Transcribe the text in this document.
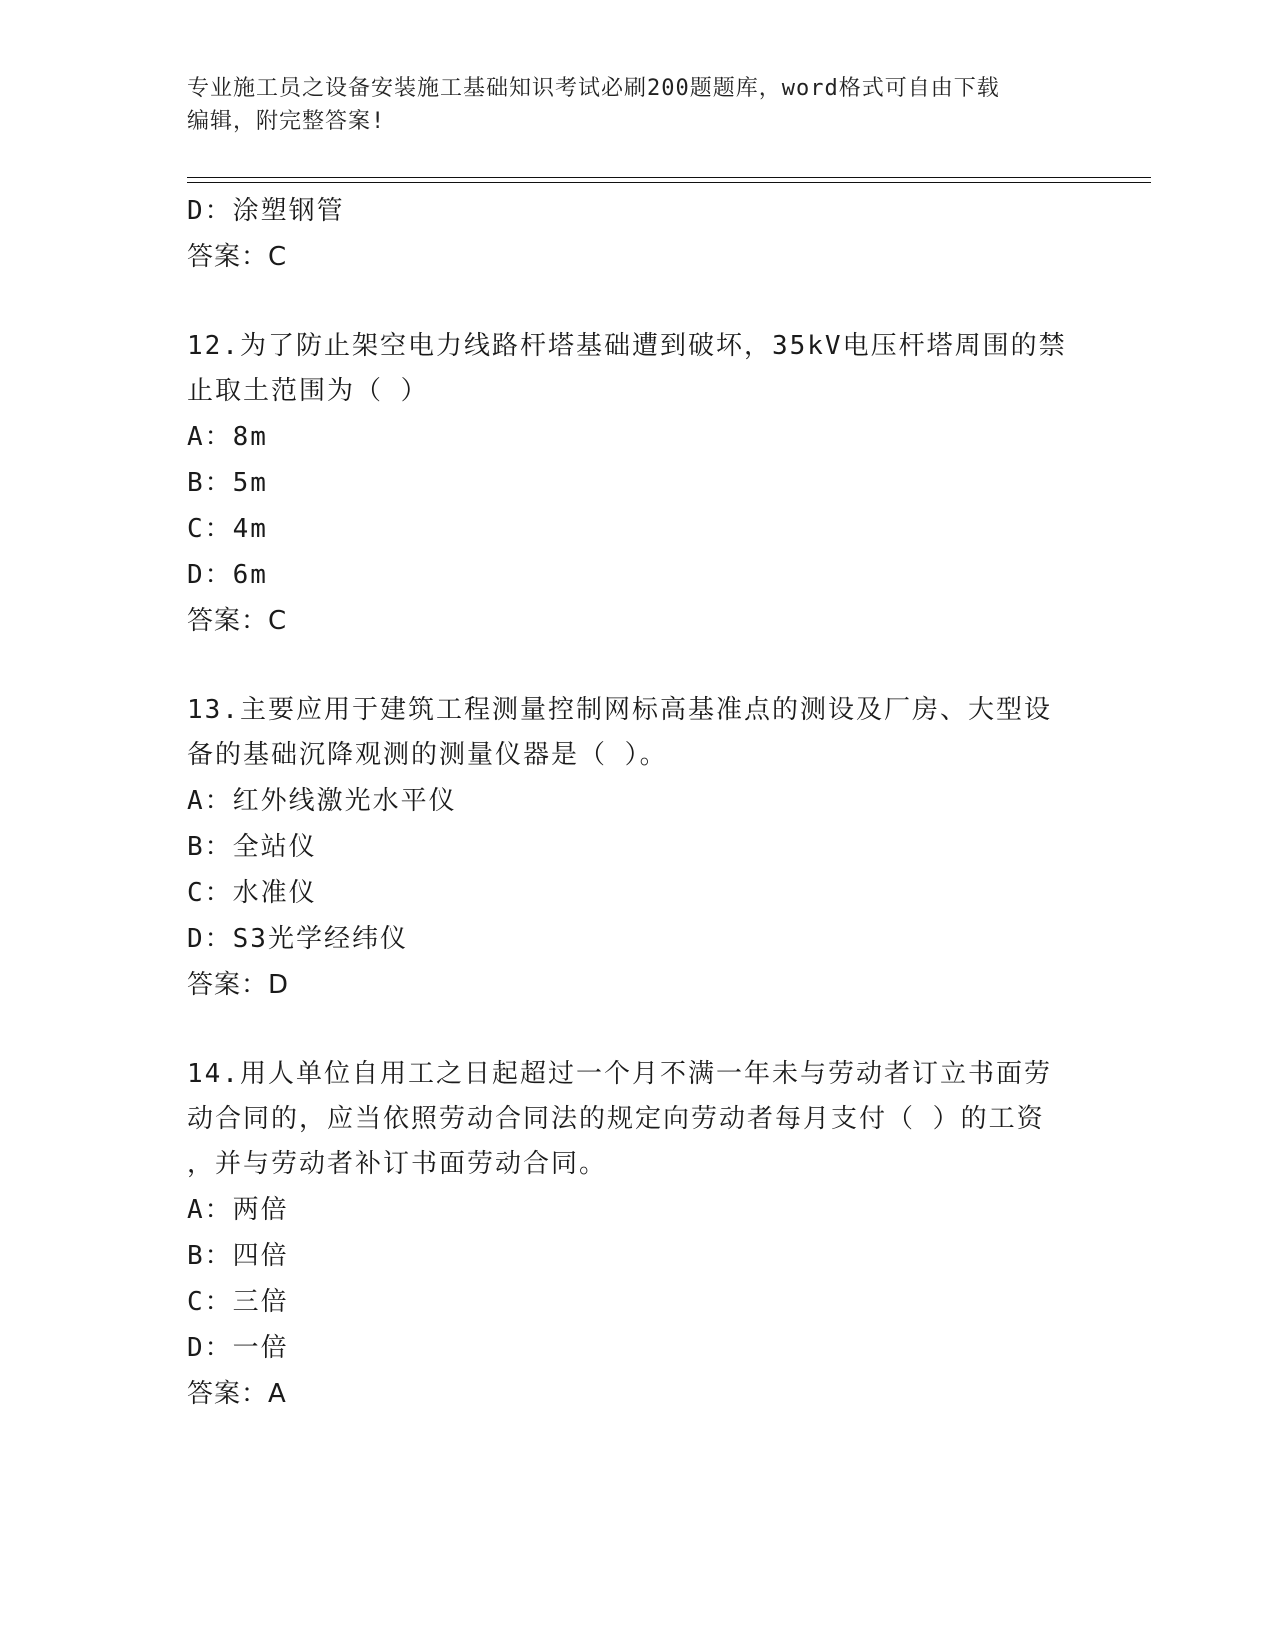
专业施工员之设备安装施工基础知识考试必刷200题题库，word格式可自由下载
编辑，附完整答案!
D：涂塑钢管
答案：C
12.为了防止架空电力线路杆塔基础遭到破坏，35kV电压杆塔周围的禁
止取土范围为（ ）
A：8m
B：5m
C：4m
D：6m
答案：C
13.主要应用于建筑工程测量控制网标高基准点的测设及厂房、大型设
备的基础沉降观测的测量仪器是（ ）。
A：红外线激光水平仪
B：全站仪
C：水准仪
D：S3光学经纬仪
答案：D
14.用人单位自用工之日起超过一个月不满一年未与劳动者订立书面劳
动合同的，应当依照劳动合同法的规定向劳动者每月支付（ ）的工资
，并与劳动者补订书面劳动合同。
A：两倍
B：四倍
C：三倍
D：一倍
答案：A
